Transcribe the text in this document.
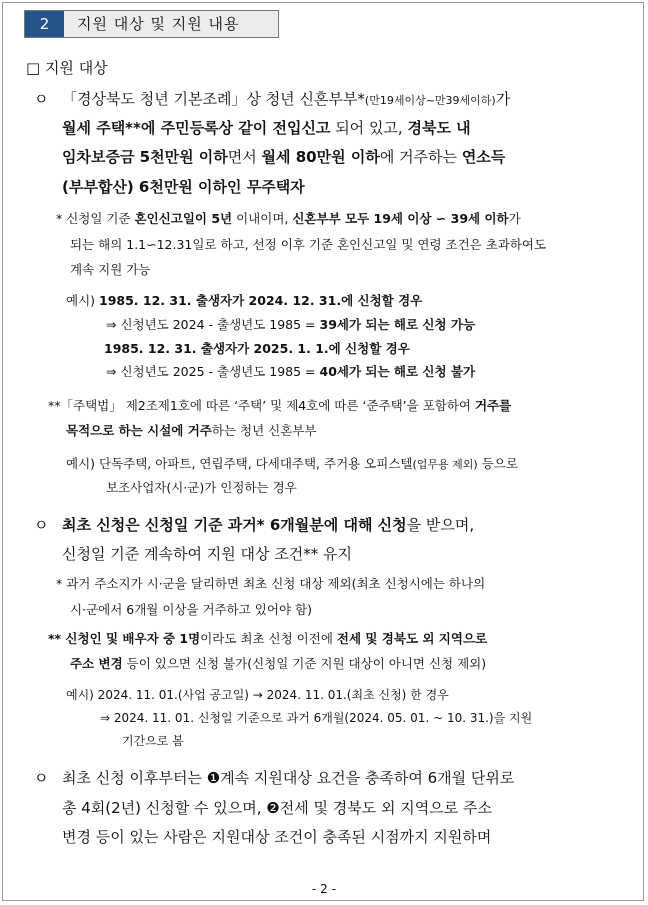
2	지원 대상 및 지원 내용
□ 지원 대상
ㅇ 「경상북도 청년 기본조례」상 청년 신혼부부*(만19세이상~만39세이하)가
월세 주택**에 주민등록상 같이 전입신고 되어 있고, 경북도 내
임차보증금 5천만원 이하면서 월세 80만원 이하에 거주하는 연소득
(부부합산) 6천만원 이하인 무주택자
* 신청일 기준 혼인신고일이 5년 이내이며, 신혼부부 모두 19세 이상 ∽ 39세 이하가
되는 해의 1.1∽12.31일로 하고, 선정 이후 기준 혼인신고일 및 연령 조건은 초과하여도
계속 지원 가능
예시) 1985. 12. 31. 출생자가 2024. 12. 31.에 신청할 경우
⇒ 신청년도 2024 - 출생년도 1985 = 39세가 되는 해로 신청 가능
1985. 12. 31. 출생자가 2025. 1. 1.에 신청할 경우
⇒ 신청년도 2025 - 출생년도 1985 = 40세가 되는 해로 신청 불가
**「주택법」 제2조제1호에 따른 ‘주택’ 및 제4호에 따른 ‘준주택’을 포함하여 거주를
목적으로 하는 시설에 거주하는 청년 신혼부부
예시) 단독주택, 아파트, 연립주택, 다세대주택, 주거용 오피스텔(업무용 제외) 등으로
보조사업자(시·군)가 인정하는 경우
ㅇ 최초 신청은 신청일 기준 과거* 6개월분에 대해 신청을 받으며,
신청일 기준 계속하여 지원 대상 조건** 유지
* 과거 주소지가 시·군을 달리하면 최초 신청 대상 제외(최초 신청시에는 하나의
시·군에서 6개월 이상을 거주하고 있어야 함)
** 신청인 및 배우자 중 1명이라도 최초 신청 이전에 전세 및 경북도 외 지역으로
주소 변경 등이 있으면 신청 불가(신청일 기준 지원 대상이 아니면 신청 제외)
예시) 2024. 11. 01.(사업 공고일) → 2024. 11. 01.(최초 신청) 한 경우
⇒ 2024. 11. 01. 신청일 기준으로 과거 6개월(2024. 05. 01. ~ 10. 31.)을 지원
기간으로 봄
ㅇ 최초 신청 이후부터는 ❶계속 지원대상 요건을 충족하여 6개월 단위로
총 4회(2년) 신청할 수 있으며, ❷전세 및 경북도 외 지역으로 주소
변경 등이 있는 사람은 지원대상 조건이 충족된 시점까지 지원하며
- 2 -
